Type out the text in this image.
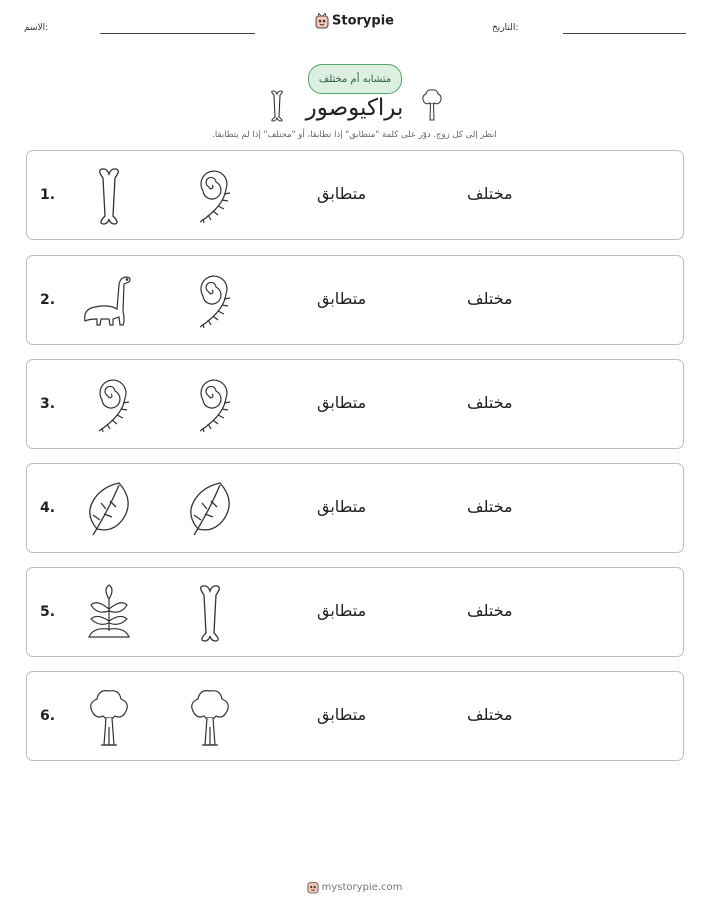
الاسم:	التاريخ:
Storypie
متشابه أم مختلف
براكيوصور
انظر إلى كل زوج. دوّر على كلمة "متطابق" إذا تطابقا، أو "مختلف" إذا لم يتطابقا.
1.	متطابق	مختلف
2.	متطابق	مختلف
3.	متطابق	مختلف
4.	متطابق	مختلف
5.	متطابق	مختلف
6.	متطابق	مختلف
mystorypie.com
